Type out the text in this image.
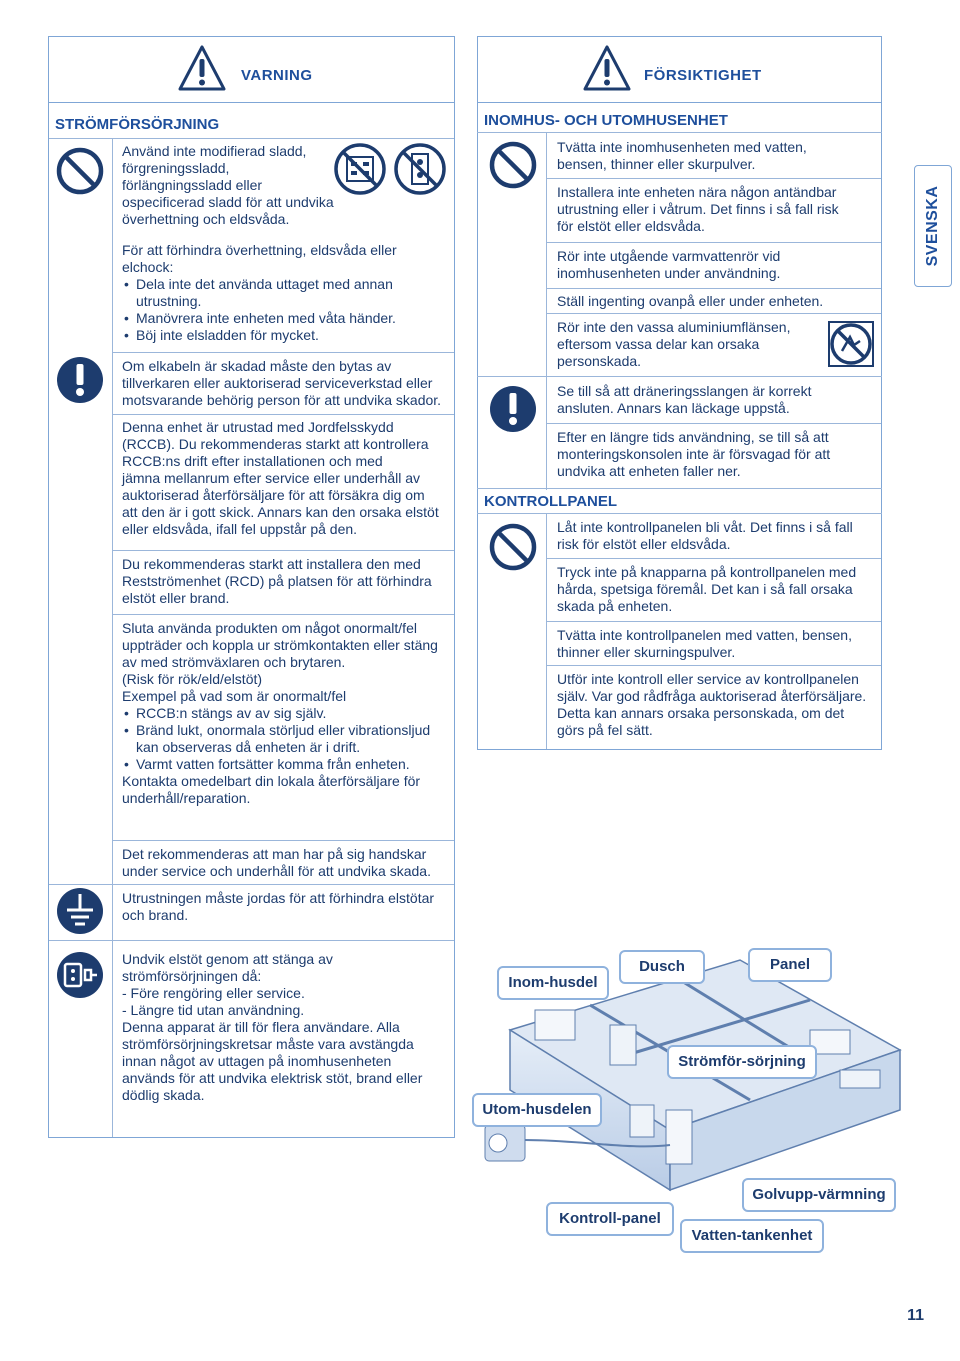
VARNING
STRÖMFÖRSÖRJNING
Använd inte modifierad sladd,
förgreningssladd,
förlängningssladd eller
ospecificerad sladd för att undvika
överhettning och eldsvåda.
För att förhindra överhettning, eldsvåda eller
elchock:
• Dela inte det använda uttaget med annan
utrustning.
• Manövrera inte enheten med våta händer.
• Böj inte elsladden för mycket.
Om elkabeln är skadad måste den bytas av
tillverkaren eller auktoriserad serviceverkstad eller
motsvarande behörig person för att undvika skador.
Denna enhet är utrustad med Jordfelsskydd
(RCCB). Du rekommenderas starkt att kontrollera
RCCB:ns drift efter installationen och med
jämna mellanrum efter service eller underhåll av
auktoriserad återförsäljare för att försäkra dig om
att den är i gott skick. Annars kan den orsaka elstöt
eller eldsvåda, ifall fel uppstår på den.
Du rekommenderas starkt att installera den med
Restströmenhet (RCD) på platsen för att förhindra
elstöt eller brand.
Sluta använda produkten om något onormalt/fel
uppträder och koppla ur strömkontakten eller stäng
av med strömväxlaren och brytaren.
(Risk för rök/eld/elstöt)
Exempel på vad som är onormalt/fel
• RCCB:n stängs av av sig själv.
• Bränd lukt, onormala störljud eller vibrationsljud
kan observeras då enheten är i drift.
• Varmt vatten fortsätter komma från enheten.
Kontakta omedelbart din lokala återförsäljare för
underhåll/reparation.
Det rekommenderas att man har på sig handskar
under service och underhåll för att undvika skada.
Utrustningen måste jordas för att förhindra elstötar
och brand.
Undvik elstöt genom att stänga av
strömförsörjningen då:
- Före rengöring eller service.
- Längre tid utan användning.
Denna apparat är till för flera användare. Alla
strömförsörjningskretsar måste vara avstängda
innan något av uttagen på inomhusenheten
används för att undvika elektrisk stöt, brand eller
dödlig skada.
FÖRSIKTIGHET
INOMHUS- OCH UTOMHUSENHET
Tvätta inte inomhusenheten med vatten,
bensen, thinner eller skurpulver.
Installera inte enheten nära någon antändbar
utrustning eller i våtrum. Det finns i så fall risk
för elstöt eller eldsvåda.
Rör inte utgående varmvattenrör vid
inomhusenheten under användning.
Ställ ingenting ovanpå eller under enheten.
Rör inte den vassa aluminiumflänsen,
eftersom vassa delar kan orsaka
personskada.
Se till så att dräneringsslangen är korrekt
ansluten. Annars kan läckage uppstå.
Efter en längre tids användning, se till så att
monteringskonsolen inte är försvagad för att
undvika att enheten faller ner.
KONTROLLPANEL
Låt inte kontrollpanelen bli våt. Det finns i så fall
risk för elstöt eller eldsvåda.
Tryck inte på knapparna på kontrollpanelen med
hårda, spetsiga föremål. Det kan i så fall orsaka
skada på enheten.
Tvätta inte kontrollpanelen med vatten, bensen,
thinner eller skurningspulver.
Utför inte kontroll eller service av kontrollpanelen
själv. Var god rådfråga auktoriserad återförsäljare.
Detta kan annars orsaka personskada, om det
görs på fel sätt.
SVENSKA
Inom-husdel
Dusch	Panel
Strömför-sörjning
Utom-husdelen
Golvupp-värmning
Kontroll-panel
Vatten-tankenhet
11
